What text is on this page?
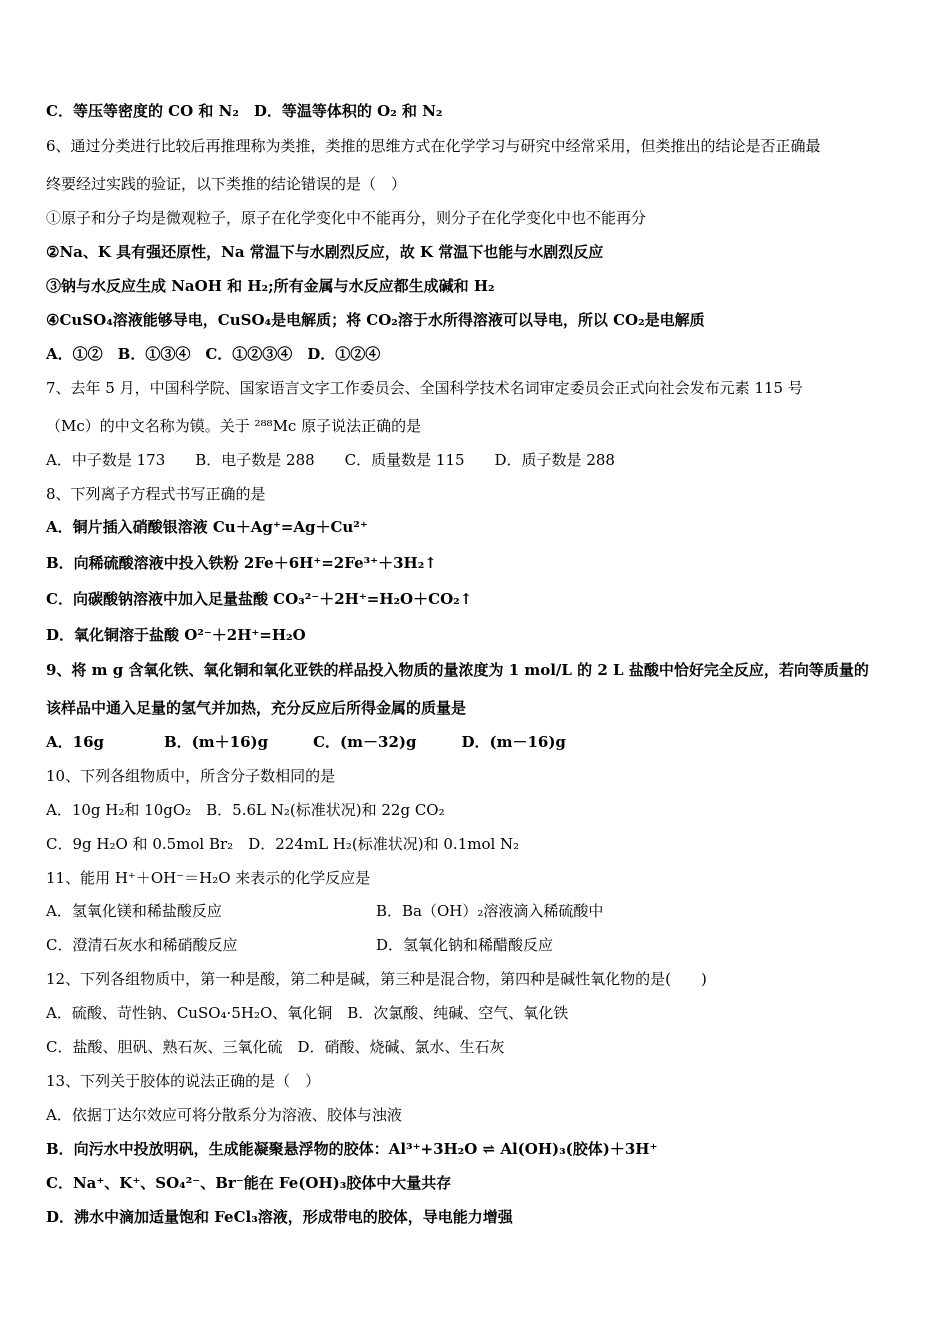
C．等压等密度的 CO 和 N₂　D．等温等体积的 O₂ 和 N₂
6、通过分类进行比较后再推理称为类推，类推的思维方式在化学学习与研究中经常采用，但类推出的结论是否正确最
终要经过实践的验证，以下类推的结论错误的是（　）
①原子和分子均是微观粒子，原子在化学变化中不能再分，则分子在化学变化中也不能再分
②Na、K 具有强还原性，Na 常温下与水剧烈反应，故 K 常温下也能与水剧烈反应
③钠与水反应生成 NaOH 和 H₂;所有金属与水反应都生成碱和 H₂
④CuSO₄溶液能够导电，CuSO₄是电解质；将 CO₂溶于水所得溶液可以导电，所以 CO₂是电解质
A．①②　B．①③④　C．①②③④　D．①②④
7、去年 5 月，中国科学院、国家语言文字工作委员会、全国科学技术名词审定委员会正式向社会发布元素 115 号
（Mc）的中文名称为镆。关于 ²⁸⁸Mc 原子说法正确的是
A．中子数是 173　　B．电子数是 288　　C．质量数是 115　　D．质子数是 288
8、下列离子方程式书写正确的是
A．铜片插入硝酸银溶液 Cu＋Ag⁺=Ag＋Cu²⁺
B．向稀硫酸溶液中投入铁粉 2Fe＋6H⁺=2Fe³⁺＋3H₂↑
C．向碳酸钠溶液中加入足量盐酸 CO₃²⁻＋2H⁺=H₂O＋CO₂↑
D．氧化铜溶于盐酸 O²⁻＋2H⁺=H₂O
9、将 m g 含氧化铁、氧化铜和氧化亚铁的样品投入物质的量浓度为 1 mol/L 的 2 L 盐酸中恰好完全反应，若向等质量的
该样品中通入足量的氢气并加热，充分反应后所得金属的质量是
A．16g　　　　B．(m＋16)g　　　C．(m－32)g　　　D．(m－16)g
10、下列各组物质中，所含分子数相同的是
A．10g H₂和 10gO₂　B．5.6L N₂(标准状况)和 22g CO₂
C．9g H₂O 和 0.5mol Br₂　D．224mL H₂(标准状况)和 0.1mol N₂
11、能用 H⁺＋OH⁻＝H₂O 来表示的化学反应是
A．氢氧化镁和稀盐酸反应	B．Ba（OH）₂溶液滴入稀硫酸中
C．澄清石灰水和稀硝酸反应	D．氢氧化钠和稀醋酸反应
12、下列各组物质中，第一种是酸，第二种是碱，第三种是混合物，第四种是碱性氧化物的是(　　)
A．硫酸、苛性钠、CuSO₄·5H₂O、氧化铜　B．次氯酸、纯碱、空气、氧化铁
C．盐酸、胆矾、熟石灰、三氧化硫　D．硝酸、烧碱、氯水、生石灰
13、下列关于胶体的说法正确的是（　）
A．依据丁达尔效应可将分散系分为溶液、胶体与浊液
B．向污水中投放明矾，生成能凝聚悬浮物的胶体：Al³⁺+3H₂O ⇌ Al(OH)₃(胶体)＋3H⁺
C．Na⁺、K⁺、SO₄²⁻、Br⁻能在 Fe(OH)₃胶体中大量共存
D．沸水中滴加适量饱和 FeCl₃溶液，形成带电的胶体，导电能力增强
